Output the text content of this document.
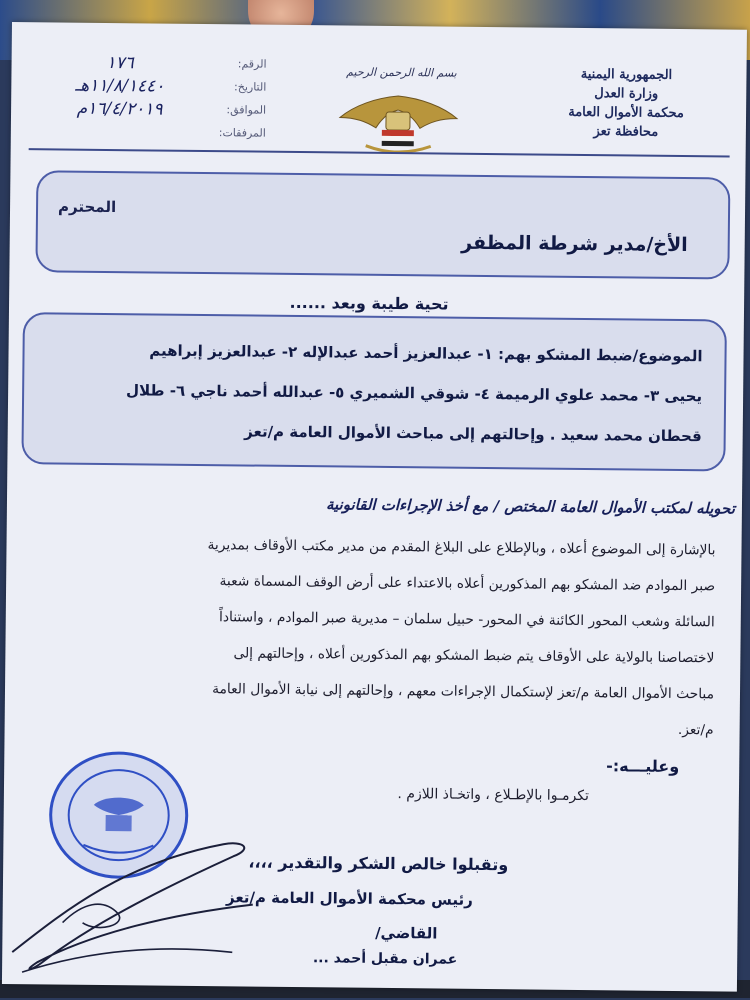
الجمهورية اليمنية
وزارة العدل
محكمة الأموال العامة
محافظة تعز
بسم الله الرحمن الرحيم
الرقم:
١٧٦
التاريخ:
١١/٨/١٤٤٠هـ
الموافق:
١٦/٤/٢٠١٩م
المرفقات:
الأخ/مدير شرطة المظفر
المحترم
تحية طيبة وبعد ......
الموضوع/ضبط المشكو بهم: ١- عبدالعزيز أحمد عبدالإله ٢- عبدالعزيز إبراهيم
يحيى ٣- محمد علوي الرميمة ٤- شوقي الشميري ٥- عبدالله أحمد ناجي ٦- طلال
قحطان محمد سعيد . وإحالتهم إلى مباحث الأموال العامة م/تعز
تحويله لمكتب الأموال العامة المختص / مع أخذ الإجراءات القانونية
بالإشارة إلى الموضوع أعلاه ، وبالإطلاع على البلاغ المقدم من مدير مكتب الأوقاف بمديرية
صبر الموادم ضد المشكو بهم المذكورين أعلاه بالاعتداء على أرض الوقف المسماة شعبة
السائلة وشعب المحور الكائنة في المحور- حبيل سلمان – مديرية صبر الموادم ، واستناداً
لاختصاصنا بالولاية على الأوقاف يتم ضبط المشكو بهم المذكورين أعلاه ، وإحالتهم إلى
مباحث الأموال العامة م/تعز لإستكمال الإجراءات معهم ، وإحالتهم إلى نيابة الأموال العامة
م/تعز.
وعليـــه:-
تكرمـوا بالإطـلاع ، واتخـاذ اللازم .
وتقبلوا خالص الشكر والتقدير ،،،،
رئيس محكمة الأموال العامة م/تعز
القاضي/
عمران مقبل أحمد ...
